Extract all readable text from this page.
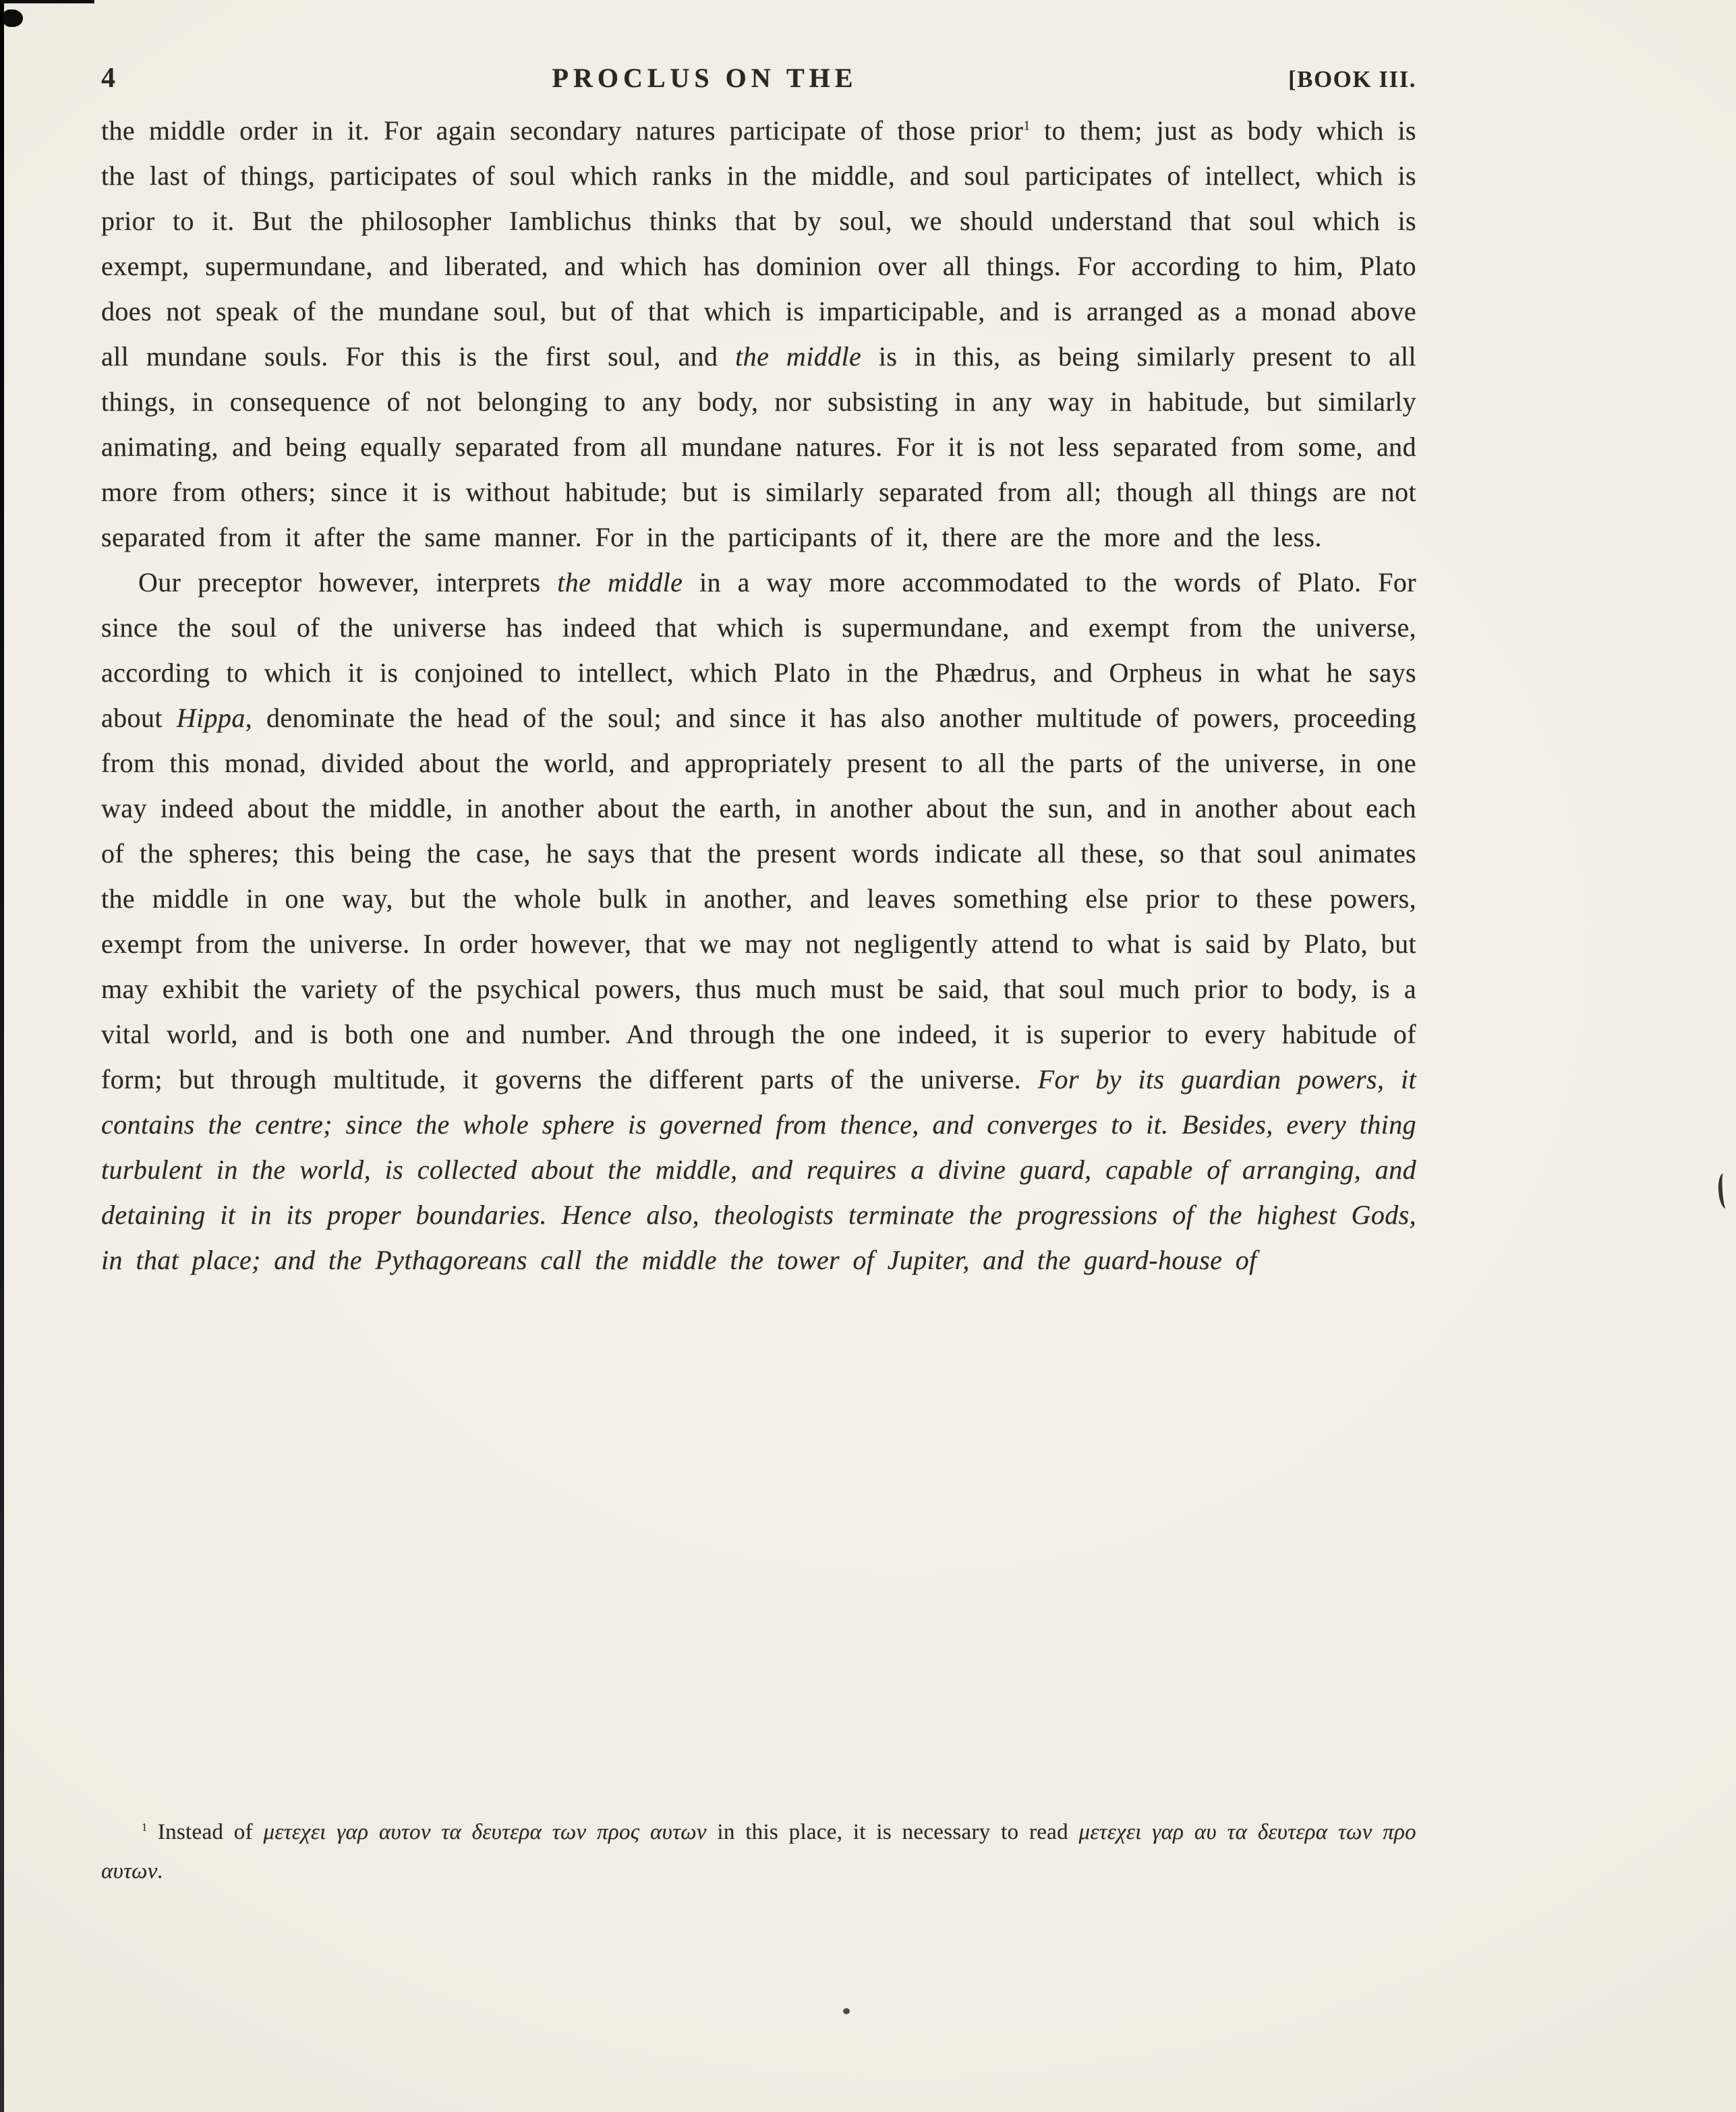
4	PROCLUS ON THE	[BOOK III.

the middle order in it. For again secondary natures participate of those prior$^1$ to them; just as body which is the last of things, participates of soul which ranks in the middle, and soul participates of intellect, which is prior to it. But the philosopher Iamblichus thinks that by soul, we should understand that soul which is exempt, supermundane, and liberated, and which has dominion over all things. For according to him, Plato does not speak of the mundane soul, but of that which is imparticipable, and is arranged as a monad above all mundane souls. For this is the first soul, and the middle is in this, as being similarly present to all things, in consequence of not belonging to any body, nor subsisting in any way in habitude, but similarly animating, and being equally separated from all mundane natures. For it is not less separated from some, and more from others; since it is without habitude; but is similarly separated from all; though all things are not separated from it after the same manner. For in the participants of it, there are the more and the less.

Our preceptor however, interprets the middle in a way more accommodated to the words of Plato. For since the soul of the universe has indeed that which is supermundane, and exempt from the universe, according to which it is conjoined to intellect, which Plato in the Phædrus, and Orpheus in what he says about Hippa, denominate the head of the soul; and since it has also another multitude of powers, proceeding from this monad, divided about the world, and appropriately present to all the parts of the universe, in one way indeed about the middle, in another about the earth, in another about the sun, and in another about each of the spheres; this being the case, he says that the present words indicate all these, so that soul animates the middle in one way, but the whole bulk in another, and leaves something else prior to these powers, exempt from the universe. In order however, that we may not negligently attend to what is said by Plato, but may exhibit the variety of the psychical powers, thus much must be said, that soul much prior to body, is a vital world, and is both one and number. And through the one indeed, it is superior to every habitude of form; but through multitude, it governs the different parts of the universe. For by its guardian powers, it contains the centre; since the whole sphere is governed from thence, and converges to it. Besides, every thing turbulent in the world, is collected about the middle, and requires a divine guard, capable of arranging, and detaining it in its proper boundaries. Hence also, theologists terminate the progressions of the highest Gods, in that place; and the Pythagoreans call the middle the tower of Jupiter, and the guard-house of

$^1$ Instead of μετεχει γαρ αυτον τα δευτερα των προς αυτων in this place, it is necessary to read μετεχει γαρ αυ τα δευτερα των προ αυτων.
